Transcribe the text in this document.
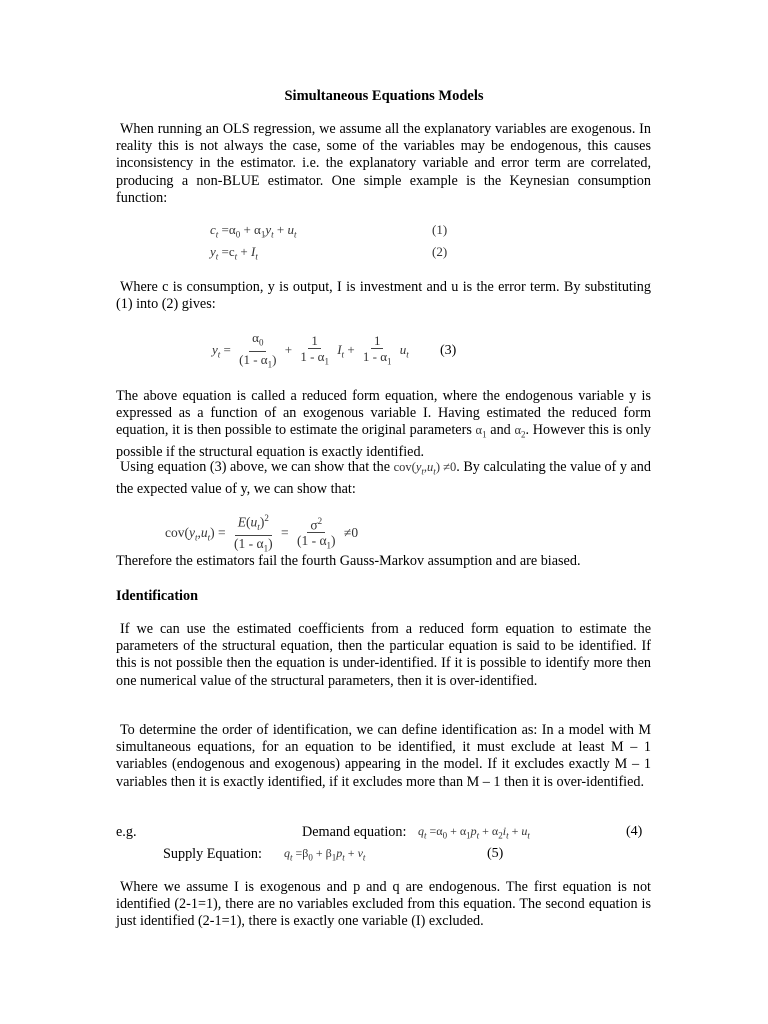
Simultaneous Equations Models

When running an OLS regression, we assume all the explanatory variables are exogenous. In reality this is not always the case, some of the variables may be endogenous, this causes inconsistency in the estimator. i.e. the explanatory variable and error term are correlated, producing a non-BLUE estimator. One simple example is the Keynesian consumption function:

$c_t =\alpha_0 + \alpha_1y_t + u_t$	(1)
$y_t =c_t + I_t$	(2)

Where c is consumption, y is output, I is investment and u is the error term. By substituting (1) into (2) gives:

$y_t = \frac{\alpha_0}{(1 - \alpha_1)} + \frac{1}{1 - \alpha_1} I_t + \frac{1}{1 - \alpha_1} u_t$ (3)

The above equation is called a reduced form equation, where the endogenous variable y is expressed as a function of an exogenous variable I. Having estimated the reduced form equation, it is then possible to estimate the original parameters $\alpha_1$ and $\alpha_2$. However this is only possible if the structural equation is exactly identified.

Using equation (3) above, we can show that the $cov(y_t,u_t) \ne 0$. By calculating the value of y and the expected value of y, we can show that:

$cov(y_t,u_t) = \frac{E(u_t)^2}{(1 - \alpha_1)} = \frac{\sigma^2}{(1 - \alpha_1)} \ne 0$

Therefore the estimators fail the fourth Gauss-Markov assumption and are biased.

Identification

If we can use the estimated coefficients from a reduced form equation to estimate the parameters of the structural equation, then the particular equation is said to be identified. If this is not possible then the equation is under-identified. If it is possible to identify more then one numerical value of the structural parameters, then it is over-identified.

To determine the order of identification, we can define identification as: In a model with M simultaneous equations, for an equation to be identified, it must exclude at least M – 1 variables (endogenous and exogenous) appearing in the model. If it excludes exactly M – 1 variables then it is exactly identified, if it excludes more than M – 1 then it is over-identified.

e.g.	Demand equation: $q_t =\alpha_0 + \alpha_1p_t + \alpha_2i_t + u_t$	(4)
Supply Equation: $q_t =\beta_0 + \beta_1p_t + v_t$	(5)

Where we assume I is exogenous and p and q are endogenous. The first equation is not identified (2-1=1), there are no variables excluded from this equation. The second equation is just identified (2-1=1), there is exactly one variable (I) excluded.
